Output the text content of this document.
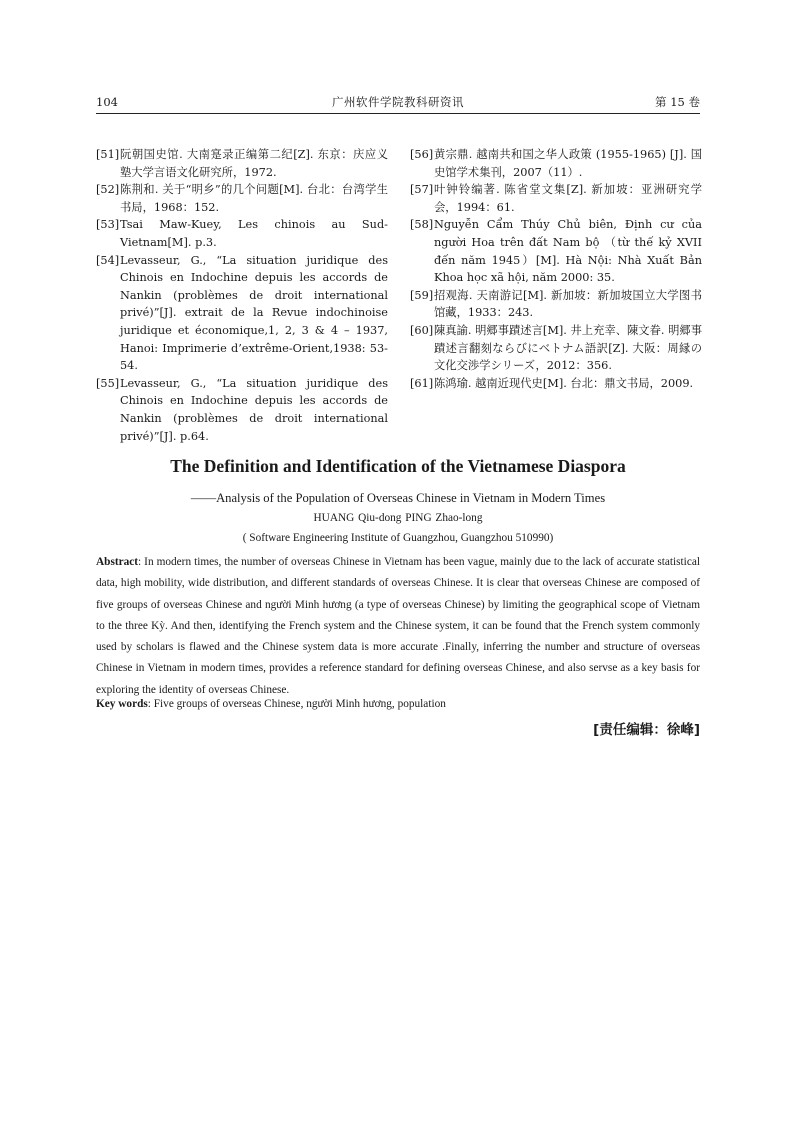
104	广州软件学院教科研资讯	第 15 卷
[51] 阮朝国史馆. 大南寔录正编第二纪[Z]. 东京：庆应义塾大学言语文化研究所，1972.
[52] 陈荆和. 关于“明乡”的几个问题[M]. 台北：台湾学生书局，1968：152.
[53] Tsai Maw-Kuey, Les chinois au Sud-Vietnam[M]. p.3.
[54] Levasseur, G., “La situation juridique des Chinois en Indochine depuis les accords de Nankin (problèmes de droit international privé)”[J]. extrait de la Revue indochinoise juridique et économique,1, 2, 3 & 4 – 1937, Hanoi: Imprimerie d’extrême-Orient,1938: 53-54.
[55] Levasseur, G., “La situation juridique des Chinois en Indochine depuis les accords de Nankin (problèmes de droit international privé)”[J]. p.64.
[56] 黄宗鼎. 越南共和国之华人政策 (1955-1965) [J]. 国史馆学术集刊，2007（11）.
[57] 叶钟铃编著. 陈省堂文集[Z]. 新加坡：亚洲研究学会，1994：61.
[58] Nguyễn Cẩm Thúy Chủ biên, Định cư của người Hoa trên đất Nam bộ （từ thế kỷ XVII đến năm 1945）[M]. Hà Nội: Nhà Xuất Bản Khoa học xã hội, năm 2000: 35.
[59] 招观海. 天南游记[M]. 新加坡：新加坡国立大学图书馆藏，1933：243.
[60] 陳真諭. 明郷事蹟述言[M]. 井上充幸、陳文眷. 明郷事蹟述言翻刻ならびにベトナム語訳[Z]. 大阪：周縁の文化交渉学シリーズ，2012：356.
[61] 陈鸿瑜. 越南近现代史[M]. 台北：鼎文书局，2009.
The Definition and Identification of the Vietnamese Diaspora
——Analysis of the Population of Overseas Chinese in Vietnam in Modern Times
HUANG Qiu-dong PING Zhao-long
( Software Engineering Institute of Guangzhou, Guangzhou 510990)
Abstract: In modern times, the number of overseas Chinese in Vietnam has been vague, mainly due to the lack of accurate statistical data, high mobility, wide distribution, and different standards of overseas Chinese. It is clear that overseas Chinese are composed of five groups of overseas Chinese and người Minh hương (a type of overseas Chinese) by limiting the geographical scope of Vietnam to the three Kỳ. And then, identifying the French system and the Chinese system, it can be found that the French system commonly used by scholars is flawed and the Chinese system data is more accurate .Finally, inferring the number and structure of overseas Chinese in Vietnam in modern times, provides a reference standard for defining overseas Chinese, and also servse as a key basis for exploring the identity of overseas Chinese.
Key words: Five groups of overseas Chinese, người Minh hương, population
[责任编辑：徐峰]
